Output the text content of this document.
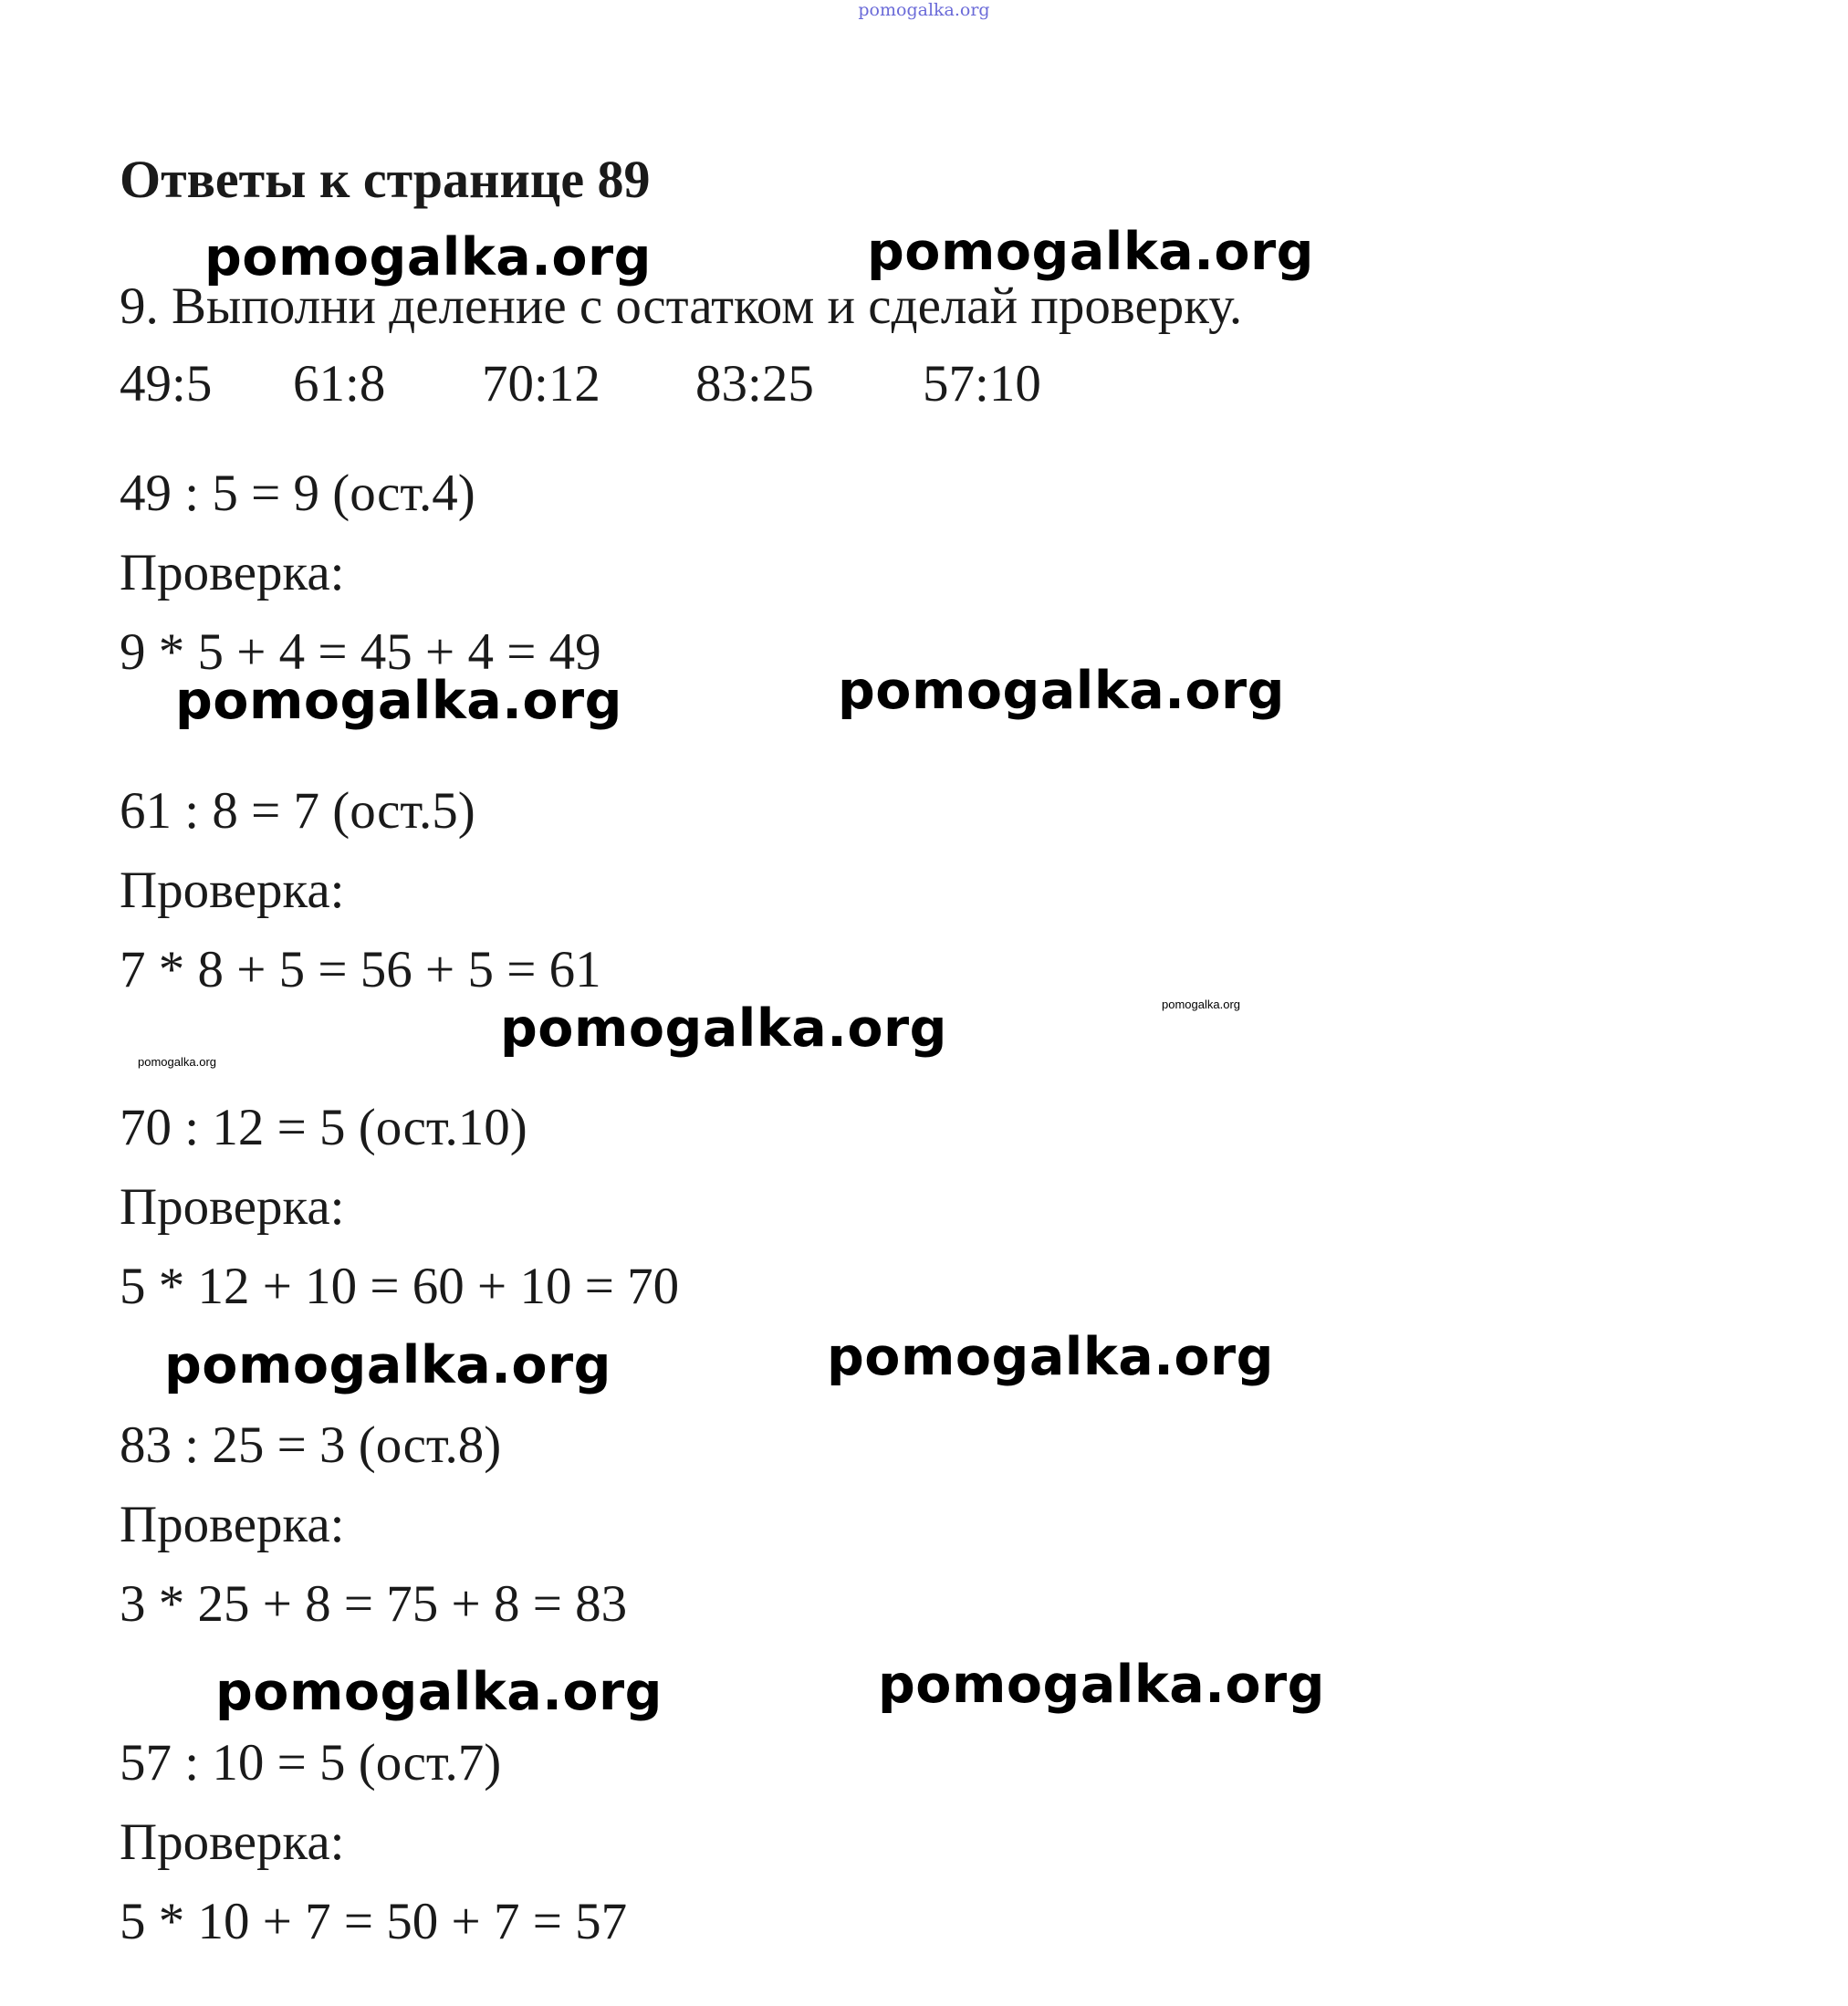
pomogalka.org
Ответы к странице 89
9. Выполни деление с остатком и сделай проверку.
49:5 61:8 70:12 83:25 57:10
49 : 5 = 9 (ост.4)
Проверка:
9 * 5 + 4 = 45 + 4 = 49
61 : 8 = 7 (ост.5)
Проверка:
7 * 8 + 5 = 56 + 5 = 61
70 : 12 = 5 (ост.10)
Проверка:
5 * 12 + 10 = 60 + 10 = 70
83 : 25 = 3 (ост.8)
Проверка:
3 * 25 + 8 = 75 + 8 = 83
57 : 10 = 5 (ост.7)
Проверка:
5 * 10 + 7 = 50 + 7 = 57
pomogalka.org	pomogalka.org
pomogalka.org	pomogalka.org
pomogalka.org
pomogalka.org	pomogalka.org
pomogalka.org	pomogalka.org
pomogalka.org
pomogalka.org
